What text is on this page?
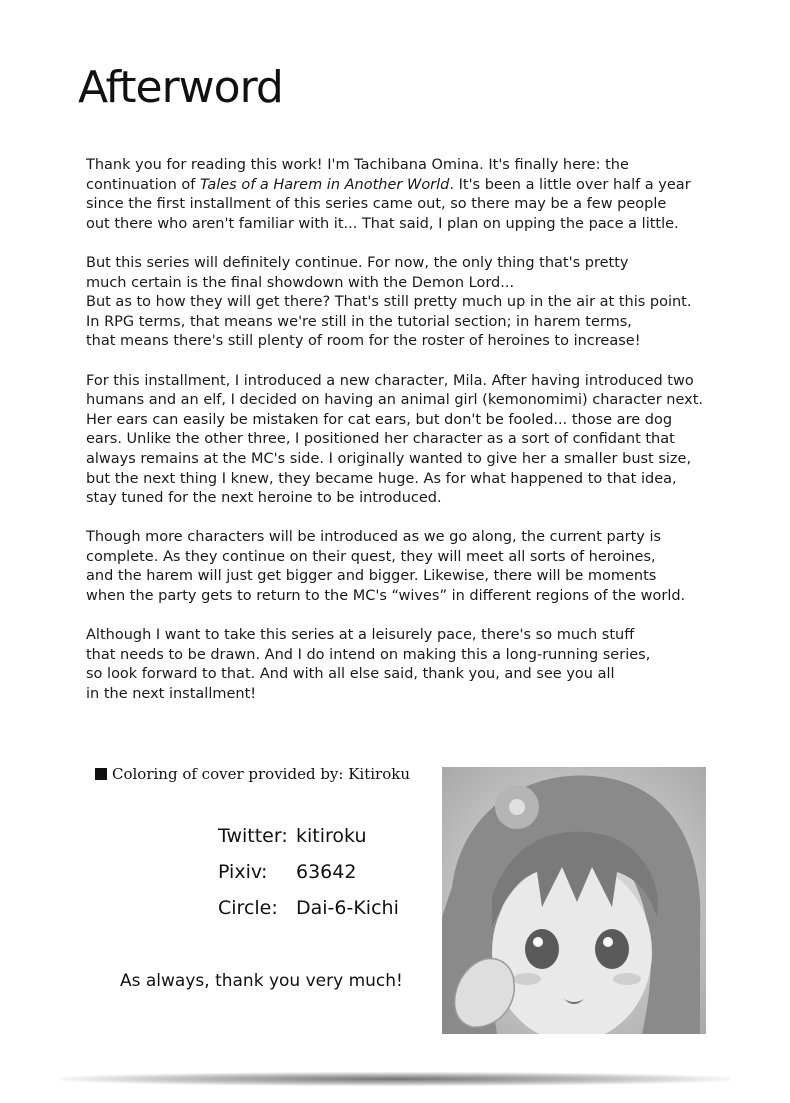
Afterword

Thank you for reading this work! I'm Tachibana Omina. It's finally here: the
continuation of Tales of a Harem in Another World. It's been a little over half a year
since the first installment of this series came out, so there may be a few people
out there who aren't familiar with it... That said, I plan on upping the pace a little.

But this series will definitely continue. For now, the only thing that's pretty
much certain is the final showdown with the Demon Lord...
But as to how they will get there? That's still pretty much up in the air at this point.
In RPG terms, that means we're still in the tutorial section; in harem terms,
that means there's still plenty of room for the roster of heroines to increase!

For this installment, I introduced a new character, Mila. After having introduced two
humans and an elf, I decided on having an animal girl (kemonomimi) character next.
Her ears can easily be mistaken for cat ears, but don't be fooled... those are dog
ears. Unlike the other three, I positioned her character as a sort of confidant that
always remains at the MC's side. I originally wanted to give her a smaller bust size,
but the next thing I knew, they became huge. As for what happened to that idea,
stay tuned for the next heroine to be introduced.

Though more characters will be introduced as we go along, the current party is
complete. As they continue on their quest, they will meet all sorts of heroines,
and the harem will just get bigger and bigger. Likewise, there will be moments
when the party gets to return to the MC's “wives” in different regions of the world.

Although I want to take this series at a leisurely pace, there's so much stuff
that needs to be drawn. And I do intend on making this a long-running series,
so look forward to that. And with all else said, thank you, and see you all
in the next installment!

Coloring of cover provided by: Kitiroku
Twitter: kitiroku
Pixiv:	63642
Circle: Dai-6-Kichi
As always, thank you very much!
